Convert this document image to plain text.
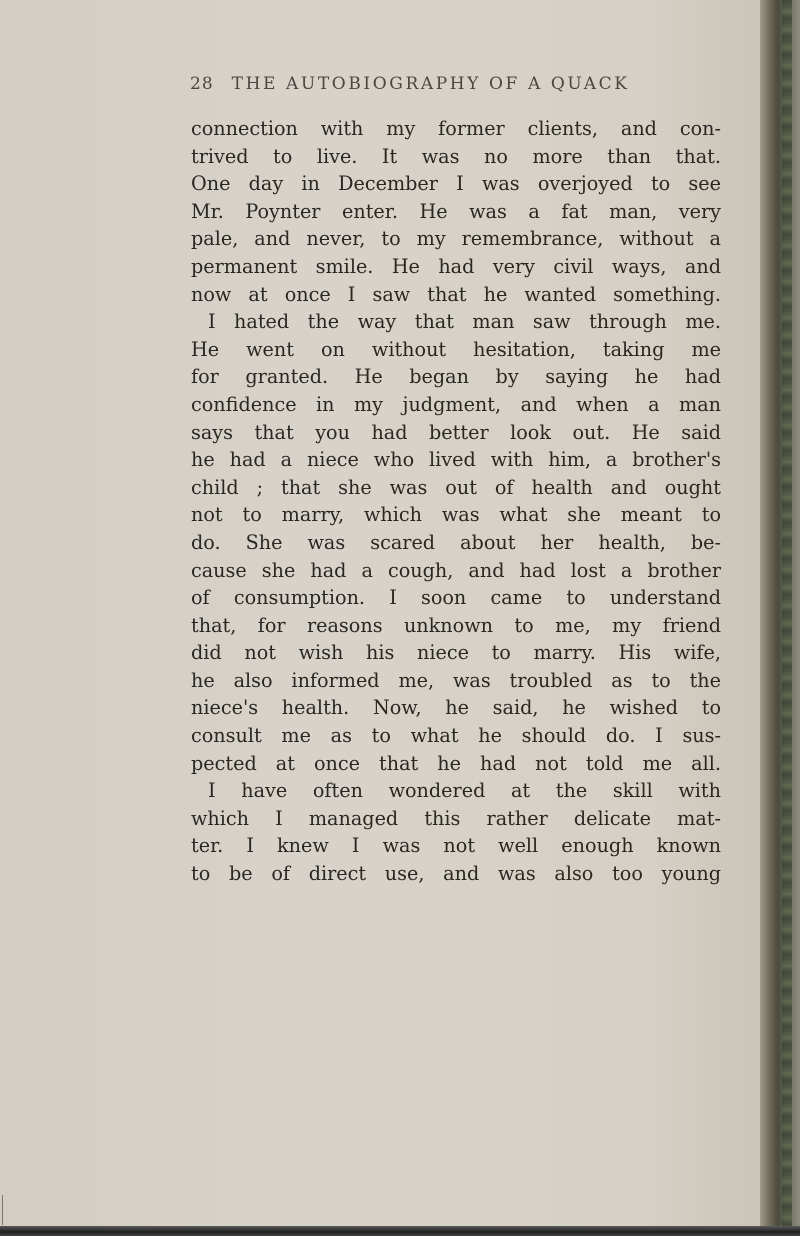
28 THE AUTOBIOGRAPHY OF A QUACK
connection with my former clients, and con-
trived to live. It was no more than that.
One day in December I was overjoyed to see
Mr. Poynter enter. He was a fat man, very
pale, and never, to my remembrance, without a
permanent smile. He had very civil ways, and
now at once I saw that he wanted something.
I hated the way that man saw through me.
He went on without hesitation, taking me
for granted. He began by saying he had
confidence in my judgment, and when a man
says that you had better look out. He said
he had a niece who lived with him, a brother's
child ; that she was out of health and ought
not to marry, which was what she meant to
do. She was scared about her health, be-
cause she had a cough, and had lost a brother
of consumption. I soon came to understand
that, for reasons unknown to me, my friend
did not wish his niece to marry. His wife,
he also informed me, was troubled as to the
niece's health. Now, he said, he wished to
consult me as to what he should do. I sus-
pected at once that he had not told me all.
I have often wondered at the skill with
which I managed this rather delicate mat-
ter. I knew I was not well enough known
to be of direct use, and was also too young
